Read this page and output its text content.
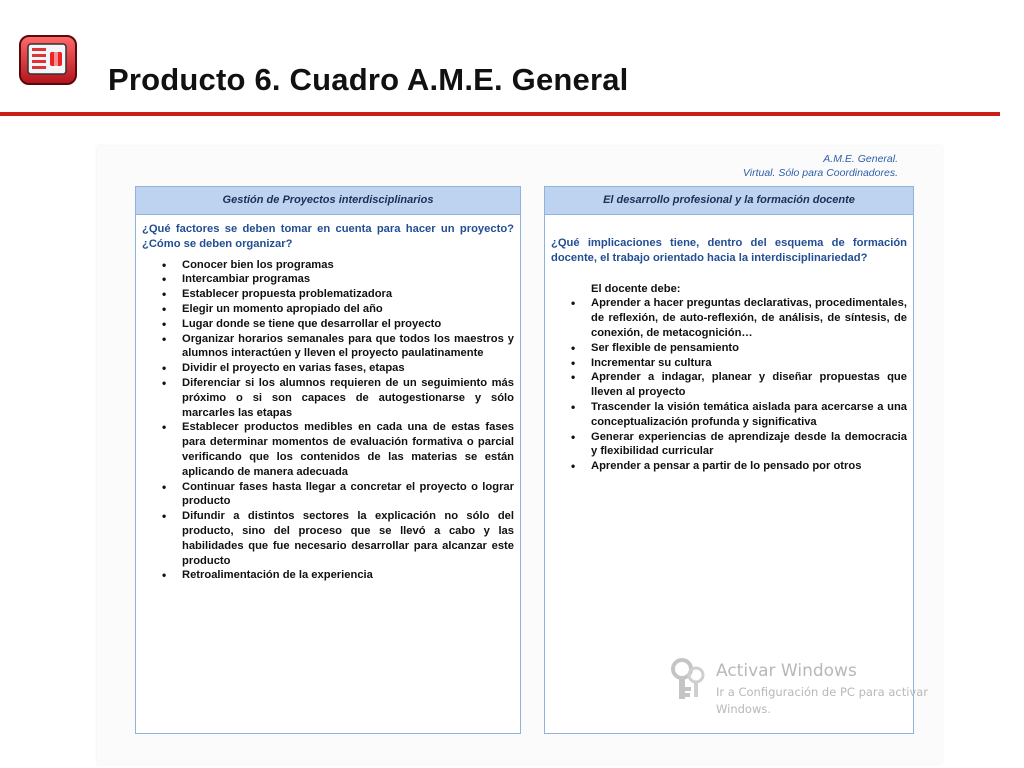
Producto 6. Cuadro A.M.E. General
A.M.E. General.
Virtual. Sólo para Coordinadores.
Gestión de Proyectos interdisciplinarios
¿Qué factores se deben tomar en cuenta para hacer un proyecto? ¿Cómo se deben organizar?
• Conocer bien los programas
• Intercambiar programas
• Establecer propuesta problematizadora
• Elegir un momento apropiado del año
• Lugar donde se tiene que desarrollar el proyecto
• Organizar horarios semanales para que todos los maestros y alumnos interactúen y lleven el proyecto paulatinamente
• Dividir el proyecto en varias fases, etapas
• Diferenciar si los alumnos requieren de un seguimiento más próximo o si son capaces de autogestionarse y sólo marcarles las etapas
• Establecer productos medibles en cada una de estas fases para determinar momentos de evaluación formativa o parcial verificando que los contenidos de las materias se están aplicando de manera adecuada
• Continuar fases hasta llegar a concretar el proyecto o lograr producto
• Difundir a distintos sectores la explicación no sólo del producto, sino del proceso que se llevó a cabo y las habilidades que fue necesario desarrollar para alcanzar este producto
• Retroalimentación de la experiencia
El desarrollo profesional y la formación docente
¿Qué implicaciones tiene, dentro del esquema de formación docente, el trabajo orientado hacia la interdisciplinariedad?
El docente debe:
• Aprender a hacer preguntas declarativas, procedimentales, de reflexión, de auto-reflexión, de análisis, de síntesis, de conexión, de metacognición…
• Ser flexible de pensamiento
• Incrementar su cultura
• Aprender a indagar, planear y diseñar propuestas que lleven al proyecto
• Trascender la visión temática aislada para acercarse a una conceptualización profunda y significativa
• Generar experiencias de aprendizaje desde la democracia y flexibilidad curricular
• Aprender a pensar a partir de lo pensado por otros
Activar Windows
Ir a Configuración de PC para activar
Windows.
